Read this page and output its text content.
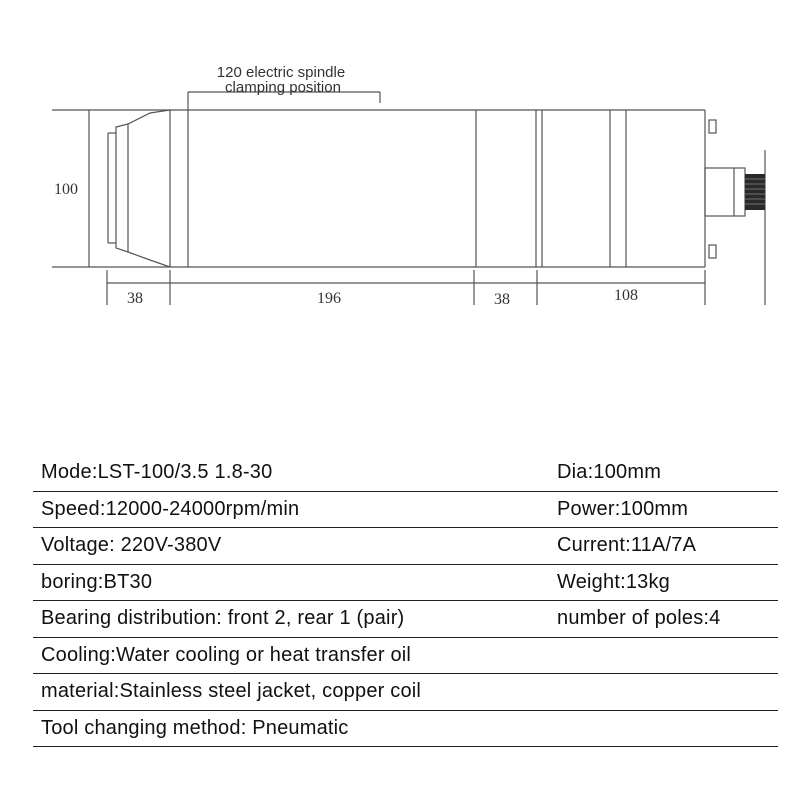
120 electric spindle
clamping position
100
38	196	38	108
Mode:LST-100/3.5 1.8-30	Dia:100mm
Speed:12000-24000rpm/min	Power:100mm
Voltage: 220V-380V	Current:11A/7A
boring:BT30	Weight:13kg
Bearing distribution: front 2, rear 1 (pair)	number of poles:4
Cooling:Water cooling or heat transfer oil
material:Stainless steel jacket, copper coil
Tool changing method: Pneumatic
